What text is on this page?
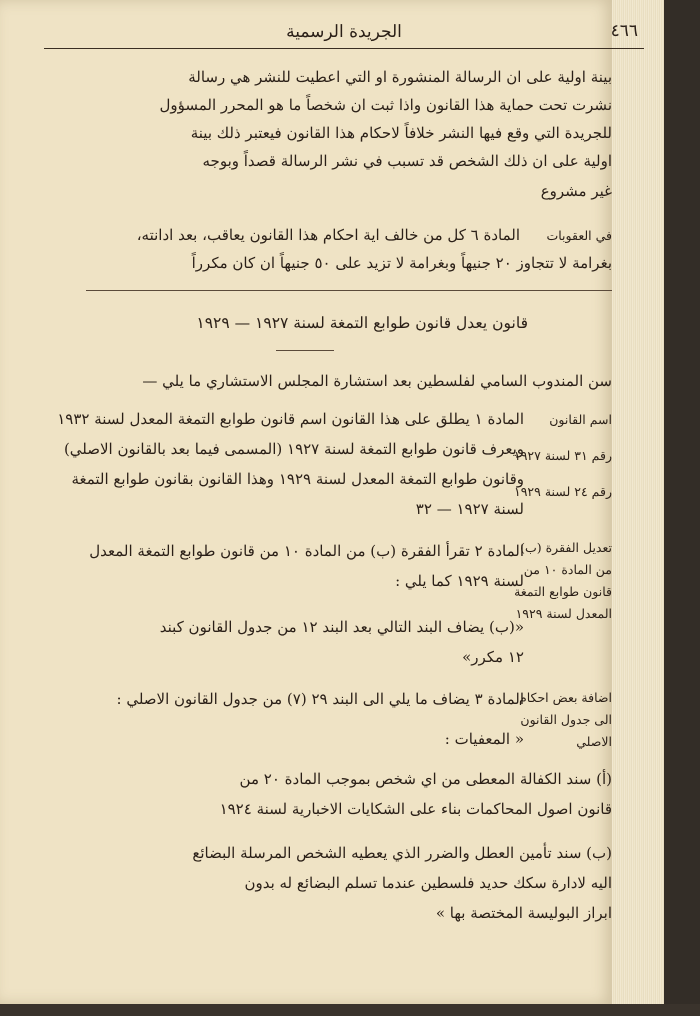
الجريدة الرسمية	٤٦٦
بينة اولية على ان الرسالة المنشورة او التي اعطيت للنشر هي رسالة
نشرت تحت حماية هذا القانون واذا ثبت ان شخصاً ما هو المحرر المسؤول
للجريدة التي وقع فيها النشر خلافاً لاحكام هذا القانون فيعتبر ذلك بينة
اولية على ان ذلك الشخص قد تسبب في نشر الرسالة قصداً وبوجه
غير مشروع
في العقوبات
المادة ٦ كل من خالف اية احكام هذا القانون يعاقب، بعد ادانته،
بغرامة لا تتجاوز ٢٠ جنيهاً وبغرامة لا تزيد على ٥٠ جنيهاً ان كان مكرراً
قانون يعدل قانون طوابع التمغة لسنة ١٩٢٧ — ١٩٢٩
سن المندوب السامي لفلسطين بعد استشارة المجلس الاستشاري ما يلي —
اسم القانون
رقم ٣١ لسنة ١٩٢٧
رقم ٢٤ لسنة ١٩٢٩
المادة ١ يطلق على هذا القانون اسم قانون طوابع التمغة المعدل لسنة ١٩٣٢
ويعرف قانون طوابع التمغة لسنة ١٩٢٧ (المسمى فيما بعد بالقانون الاصلي)
وقانون طوابع التمغة المعدل لسنة ١٩٢٩ وهذا القانون بقانون طوابع التمغة
لسنة ١٩٢٧ — ٣٢
تعديل الفقرة (ب)
من المادة ١٠ من
قانون طوابع التمغة
المعدل لسنة ١٩٢٩
المادة ٢ تقرأ الفقرة (ب) من المادة ١٠ من قانون طوابع التمغة المعدل
لسنة ١٩٢٩ كما يلي :
«(ب) يضاف البند التالي بعد البند ١٢ من جدول القانون كبند
١٢ مكرر»
اضافة بعض احكام
الى جدول القانون
الاصلي
المادة ٣ يضاف ما يلي الى البند ٢٩ (٧) من جدول القانون الاصلي :
« المعفيات :
(أ) سند الكفالة المعطى من اي شخص بموجب المادة ٢٠ من
قانون اصول المحاكمات بناء على الشكايات الاخبارية لسنة ١٩٢٤
(ب) سند تأمين العطل والضرر الذي يعطيه الشخص المرسلة البضائع
اليه لادارة سكك حديد فلسطين عندما تسلم البضائع له بدون
ابراز البوليسة المختصة بها »
